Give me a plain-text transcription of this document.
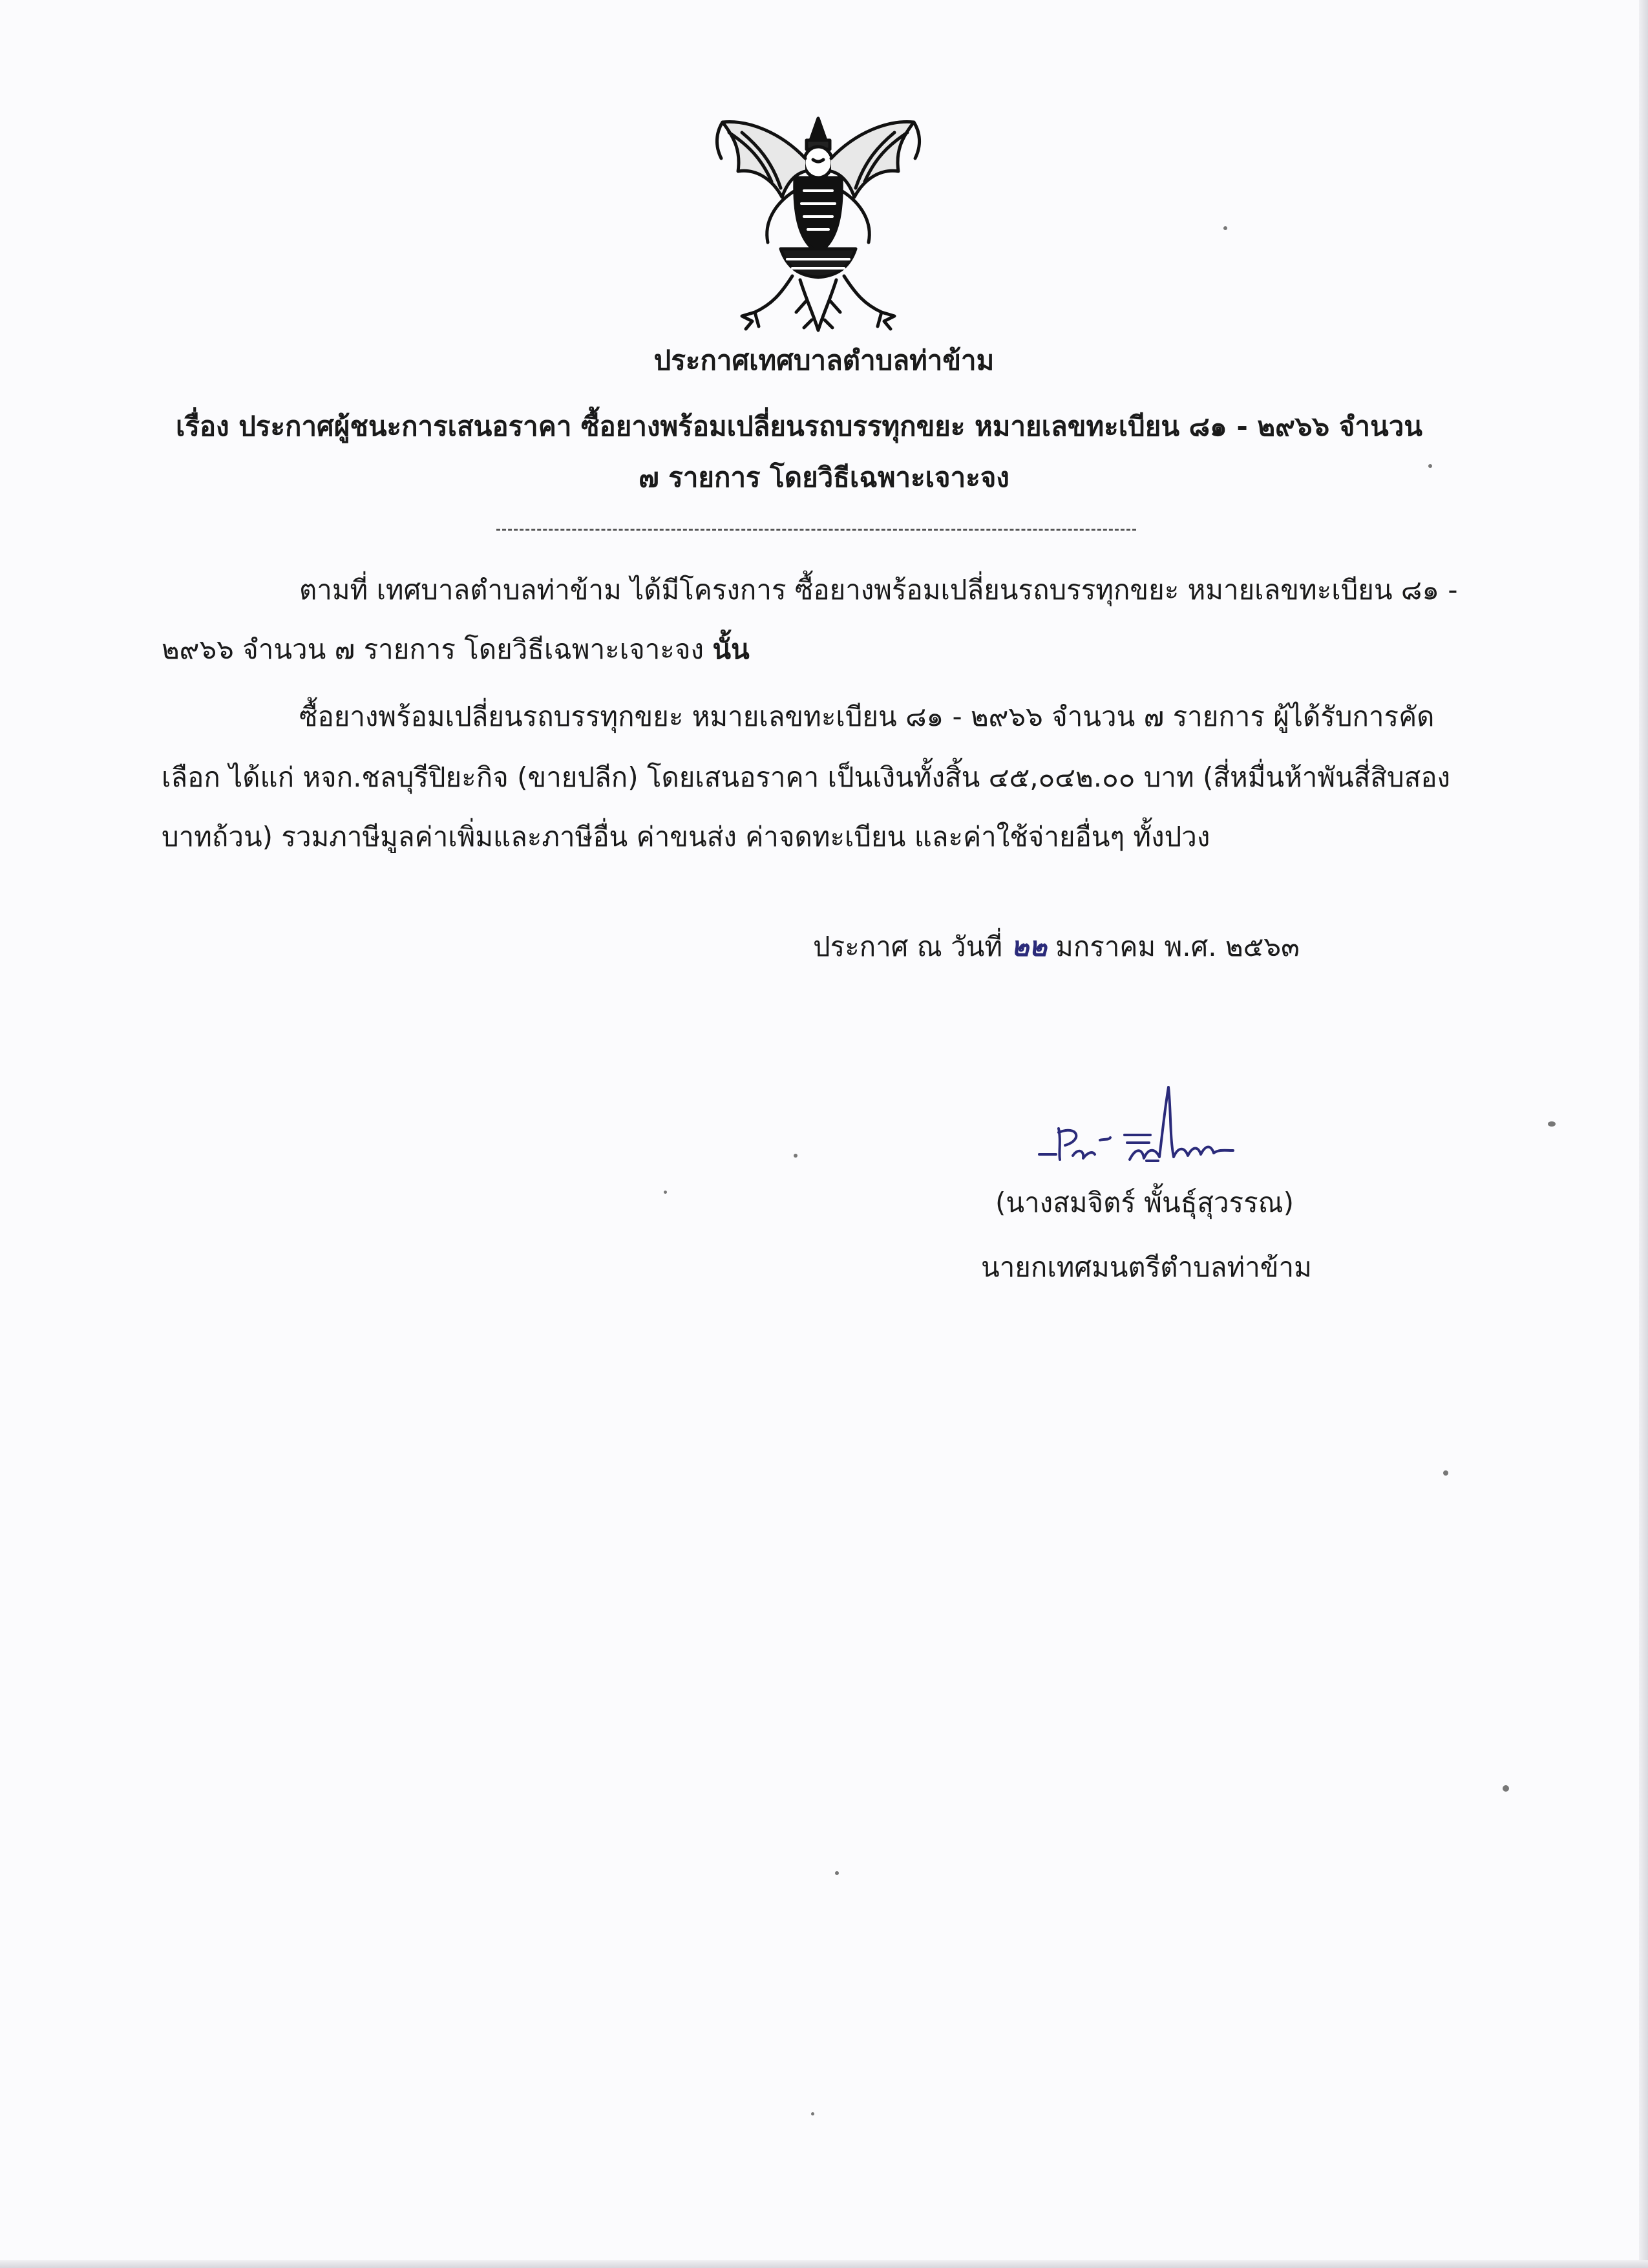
ประกาศเทศบาลตำบลท่าข้าม
เรื่อง ประกาศผู้ชนะการเสนอราคา ซื้อยางพร้อมเปลี่ยนรถบรรทุกขยะ หมายเลขทะเบียน ๘๑ - ๒๙๖๖ จำนวน
๗ รายการ โดยวิธีเฉพาะเจาะจง
ตามที่ เทศบาลตำบลท่าข้าม ได้มีโครงการ ซื้อยางพร้อมเปลี่ยนรถบรรทุกขยะ หมายเลขทะเบียน ๘๑ -
๒๙๖๖ จำนวน ๗ รายการ โดยวิธีเฉพาะเจาะจง นั้น
ซื้อยางพร้อมเปลี่ยนรถบรรทุกขยะ หมายเลขทะเบียน ๘๑ - ๒๙๖๖ จำนวน ๗ รายการ ผู้ได้รับการคัด
เลือก ได้แก่ หจก.ชลบุรีปิยะกิจ (ขายปลีก) โดยเสนอราคา เป็นเงินทั้งสิ้น ๔๕,๐๔๒.๐๐ บาท (สี่หมื่นห้าพันสี่สิบสอง
บาทถ้วน) รวมภาษีมูลค่าเพิ่มและภาษีอื่น ค่าขนส่ง ค่าจดทะเบียน และค่าใช้จ่ายอื่นๆ ทั้งปวง
ประกาศ ณ วันที่ ๒๒ มกราคม พ.ศ. ๒๕๖๓
(นางสมจิตร์ พั้นธุ์สุวรรณ)
นายกเทศมนตรีตำบลท่าข้าม
